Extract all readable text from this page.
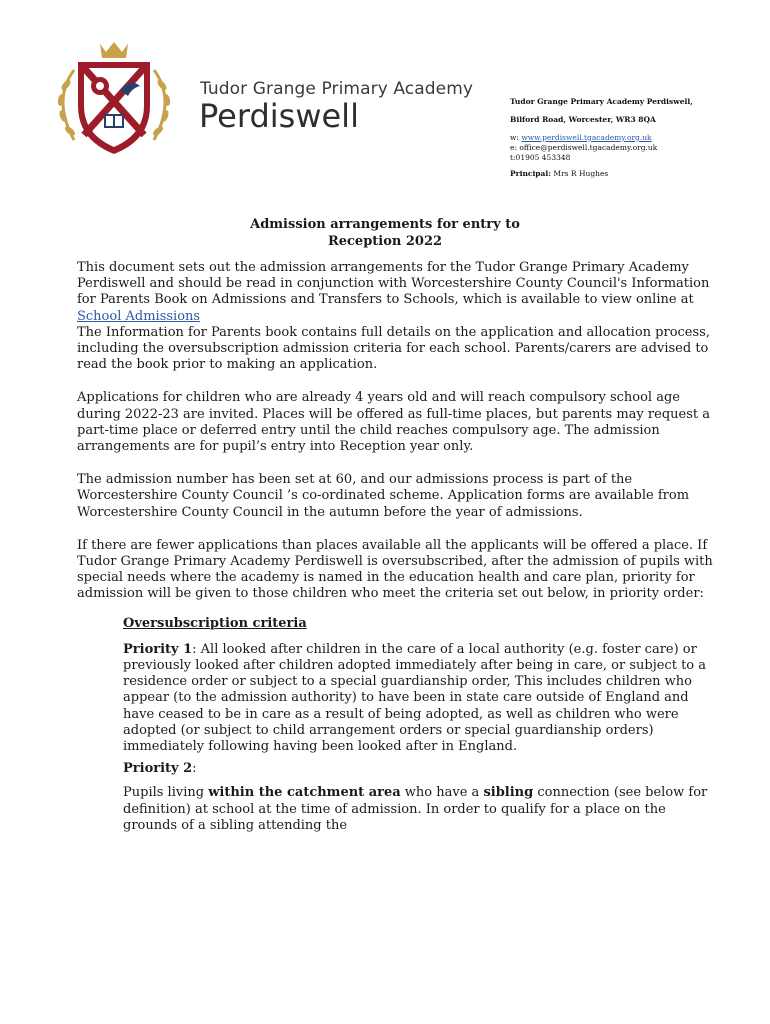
Tudor Grange Primary Academy
Perdiswell	Tudor Grange Primary Academy Perdiswell,
Bilford Road, Worcester, WR3 8QA
w: www.perdiswell.tgacademy.org.uk
e: office@perdiswell.tgacademy.org.uk
t:01905 453348
Principal: Mrs R Hughes
Admission arrangements for entry to
Reception 2022

This document sets out the admission arrangements for the Tudor Grange Primary Academy Perdiswell and should be read in conjunction with Worcestershire County Council's Information for Parents Book on Admissions and Transfers to Schools, which is available to view online at School Admissions
The Information for Parents book contains full details on the application and allocation process, including the oversubscription admission criteria for each school. Parents/carers are advised to read the book prior to making an application.

Applications for children who are already 4 years old and will reach compulsory school age during 2022-23 are invited. Places will be offered as full-time places, but parents may request a part-time place or deferred entry until the child reaches compulsory age. The admission arrangements are for pupil’s entry into Reception year only.

The admission number has been set at 60, and our admissions process is part of the Worcestershire County Council ’s co-ordinated scheme. Application forms are available from Worcestershire County Council in the autumn before the year of admissions.

If there are fewer applications than places available all the applicants will be offered a place. If Tudor Grange Primary Academy Perdiswell is oversubscribed, after the admission of pupils with special needs where the academy is named in the education health and care plan, priority for admission will be given to those children who meet the criteria set out below, in priority order:

Oversubscription criteria

Priority 1: All looked after children in the care of a local authority (e.g. foster care) or previously looked after children adopted immediately after being in care, or subject to a residence order or subject to a special guardianship order, This includes children who appear (to the admission authority) to have been in state care outside of England and have ceased to be in care as a result of being adopted, as well as children who were adopted (or subject to child arrangement orders or special guardianship orders) immediately following having been looked after in England.

Priority 2:

Pupils living within the catchment area who have a sibling connection (see below for definition) at school at the time of admission. In order to qualify for a place on the grounds of a sibling attending the
